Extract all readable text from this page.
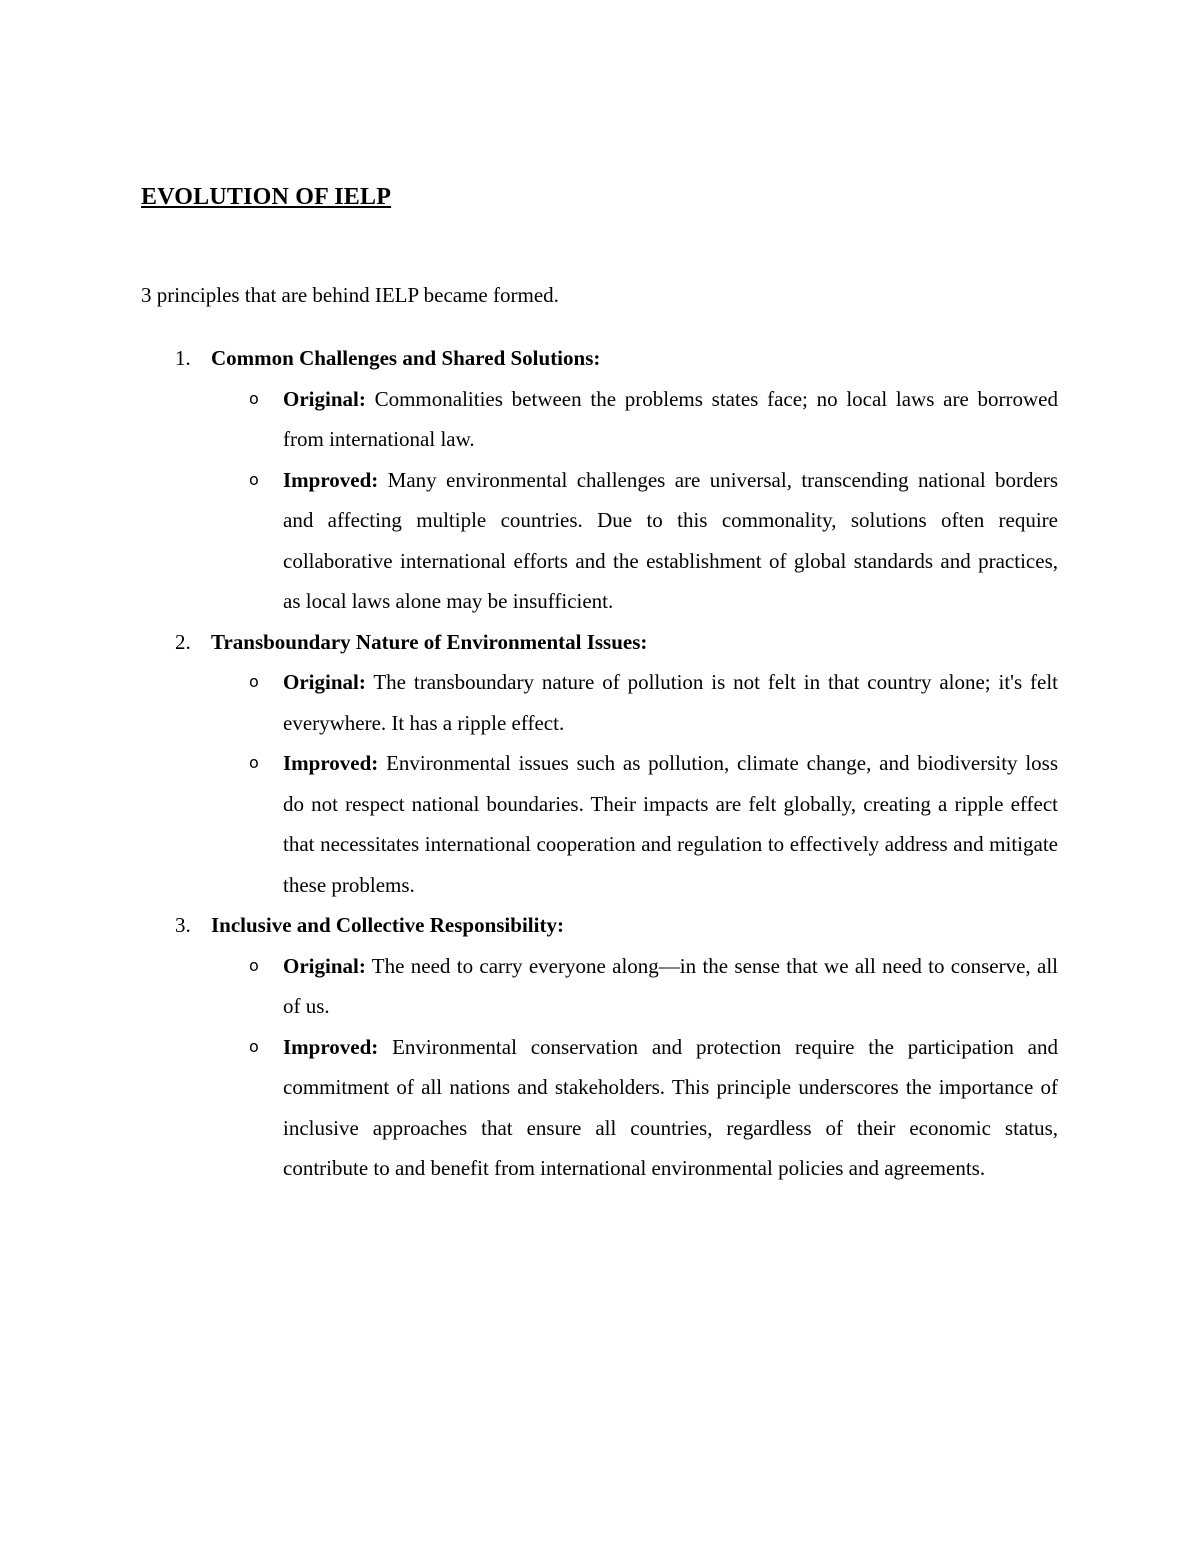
EVOLUTION OF IELP

3 principles that are behind IELP became formed.

1. Common Challenges and Shared Solutions:
o Original: Commonalities between the problems states face; no local laws are borrowed from international law.
o Improved: Many environmental challenges are universal, transcending national borders and affecting multiple countries. Due to this commonality, solutions often require collaborative international efforts and the establishment of global standards and practices, as local laws alone may be insufficient.
2. Transboundary Nature of Environmental Issues:
o Original: The transboundary nature of pollution is not felt in that country alone; it's felt everywhere. It has a ripple effect.
o Improved: Environmental issues such as pollution, climate change, and biodiversity loss do not respect national boundaries. Their impacts are felt globally, creating a ripple effect that necessitates international cooperation and regulation to effectively address and mitigate these problems.
3. Inclusive and Collective Responsibility:
o Original: The need to carry everyone along—in the sense that we all need to conserve, all of us.
o Improved: Environmental conservation and protection require the participation and commitment of all nations and stakeholders. This principle underscores the importance of inclusive approaches that ensure all countries, regardless of their economic status, contribute to and benefit from international environmental policies and agreements.
